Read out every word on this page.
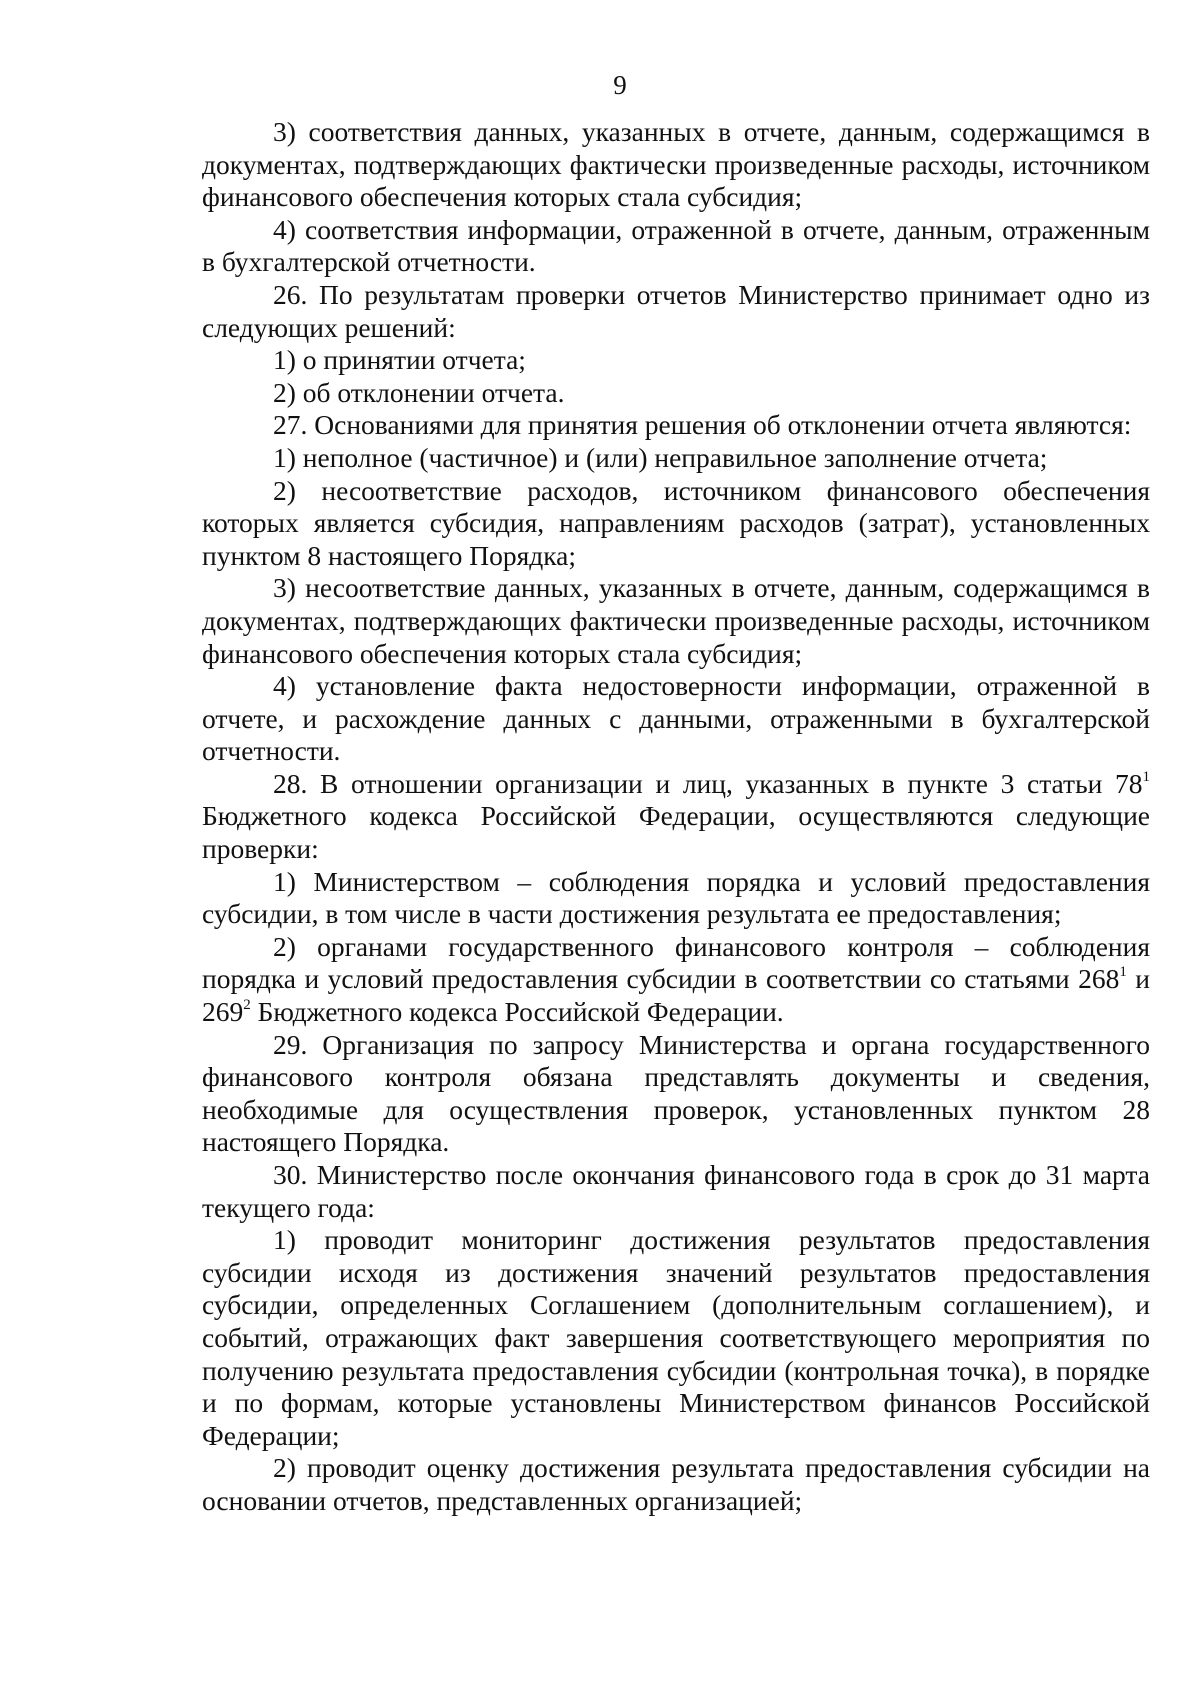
9

3) соответствия данных, указанных в отчете, данным, содержащимся в документах, подтверждающих фактически произведенные расходы, источником финансового обеспечения которых стала субсидия;

4) соответствия информации, отраженной в отчете, данным, отраженным в бухгалтерской отчетности.

26. По результатам проверки отчетов Министерство принимает одно из следующих решений:

1) о принятии отчета;

2) об отклонении отчета.

27. Основаниями для принятия решения об отклонении отчета являются:

1) неполное (частичное) и (или) неправильное заполнение отчета;

2) несоответствие расходов, источником финансового обеспечения которых является субсидия, направлениям расходов (затрат), установленных пунктом 8 настоящего Порядка;

3) несоответствие данных, указанных в отчете, данным, содержащимся в документах, подтверждающих фактически произведенные расходы, источником финансового обеспечения которых стала субсидия;

4) установление факта недостоверности информации, отраженной в отчете, и расхождение данных с данными, отраженными в бухгалтерской отчетности.

28. В отношении организации и лиц, указанных в пункте 3 статьи $78^1$ Бюджетного кодекса Российской Федерации, осуществляются следующие проверки:

1) Министерством – соблюдения порядка и условий предоставления субсидии, в том числе в части достижения результата ее предоставления;

2) органами государственного финансового контроля – соблюдения порядка и условий предоставления субсидии в соответствии со статьями $268^1$ и $269^2$ Бюджетного кодекса Российской Федерации.

29. Организация по запросу Министерства и органа государственного финансового контроля обязана представлять документы и сведения, необходимые для осуществления проверок, установленных пунктом 28 настоящего Порядка.

30. Министерство после окончания финансового года в срок до 31 марта текущего года:

1) проводит мониторинг достижения результатов предоставления субсидии исходя из достижения значений результатов предоставления субсидии, определенных Соглашением (дополнительным соглашением), и событий, отражающих факт завершения соответствующего мероприятия по получению результата предоставления субсидии (контрольная точка), в порядке и по формам, которые установлены Министерством финансов Российской Федерации;

2) проводит оценку достижения результата предоставления субсидии на основании отчетов, представленных организацией;
